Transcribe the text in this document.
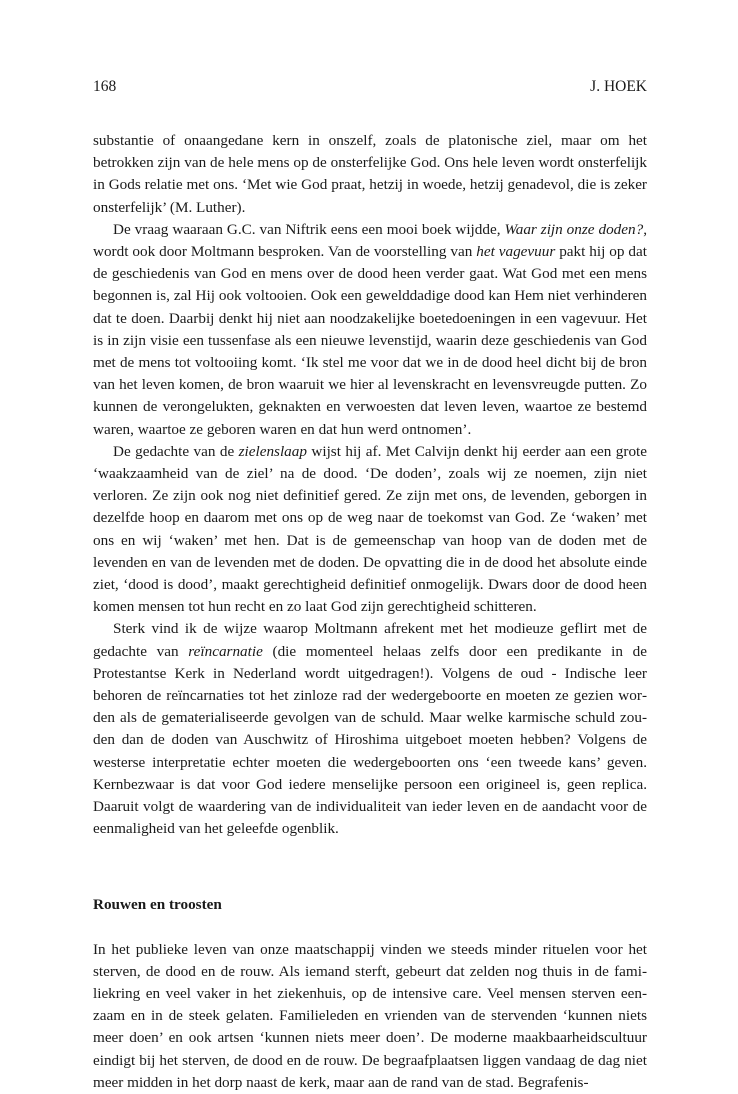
168	J. HOEK

substantie of onaangedane kern in onszelf, zoals de platonische ziel, maar om het betrokken zijn van de hele mens op de onsterfelijke God. Ons hele leven wordt onsterfelijk in Gods relatie met ons. ‘Met wie God praat, hetzij in woede, hetzij genadevol, die is zeker onsterfelijk’ (M. Luther).

De vraag waaraan G.C. van Niftrik eens een mooi boek wijdde, Waar zijn onze doden?, wordt ook door Moltmann besproken. Van de voorstelling van het vagevuur pakt hij op dat de geschiedenis van God en mens over de dood heen verder gaat. Wat God met een mens begonnen is, zal Hij ook voltooien. Ook een gewelddadige dood kan Hem niet verhinderen dat te doen. Daarbij denkt hij niet aan noodzakelijke boetedoeningen in een vagevuur. Het is in zijn visie een tussenfase als een nieuwe levenstijd, waarin deze geschiedenis van God met de mens tot voltooiing komt. ‘Ik stel me voor dat we in de dood heel dicht bij de bron van het leven komen, de bron waaruit we hier al levenskracht en levensvreugde putten. Zo kunnen de verongelukten, geknakten en verwoesten dat leven leven, waartoe ze bestemd waren, waartoe ze geboren waren en dat hun werd ontnomen’.

De gedachte van de zielenslaap wijst hij af. Met Calvijn denkt hij eerder aan een grote ‘waakzaamheid van de ziel’ na de dood. ‘De doden’, zoals wij ze noemen, zijn niet verloren. Ze zijn ook nog niet definitief gered. Ze zijn met ons, de levenden, geborgen in dezelfde hoop en daarom met ons op de weg naar de toekomst van God. Ze ‘waken’ met ons en wij ‘waken’ met hen. Dat is de gemeenschap van hoop van de doden met de levenden en van de levenden met de doden. De opvatting die in de dood het absolute einde ziet, ‘dood is dood’, maakt gerechtigheid definitief onmogelijk. Dwars door de dood heen komen mensen tot hun recht en zo laat God zijn gerechtigheid schitteren.

Sterk vind ik de wijze waarop Moltmann afrekent met het modieuze geflirt met de gedachte van reïncarnatie (die momenteel helaas zelfs door een predikante in de Protestantse Kerk in Nederland wordt uitgedragen!). Volgens de oud - Indische leer behoren de reïncarnaties tot het zinloze rad der wedergeboorte en moeten ze gezien worden als de gematerialiseerde gevolgen van de schuld. Maar welke karmische schuld zouden dan de doden van Auschwitz of Hiroshima uitgeboet moeten hebben? Volgens de westerse interpretatie echter moeten die wedergeboorten ons ‘een tweede kans’ geven. Kernbezwaar is dat voor God iedere menselijke persoon een origineel is, geen replica. Daaruit volgt de waardering van de individualiteit van ieder leven en de aandacht voor de eenmaligheid van het geleefde ogenblik.

Rouwen en troosten

In het publieke leven van onze maatschappij vinden we steeds minder rituelen voor het sterven, de dood en de rouw. Als iemand sterft, gebeurt dat zelden nog thuis in de familiekring en veel vaker in het ziekenhuis, op de intensive care. Veel mensen sterven eenzaam en in de steek gelaten. Familieleden en vrienden van de stervenden ‘kunnen niets meer doen’ en ook artsen ‘kunnen niets meer doen’. De moderne maakbaarheidscultuur eindigt bij het sterven, de dood en de rouw. De begraafplaatsen liggen vandaag de dag niet meer midden in het dorp naast de kerk, maar aan de rand van de stad. Begrafenis-
